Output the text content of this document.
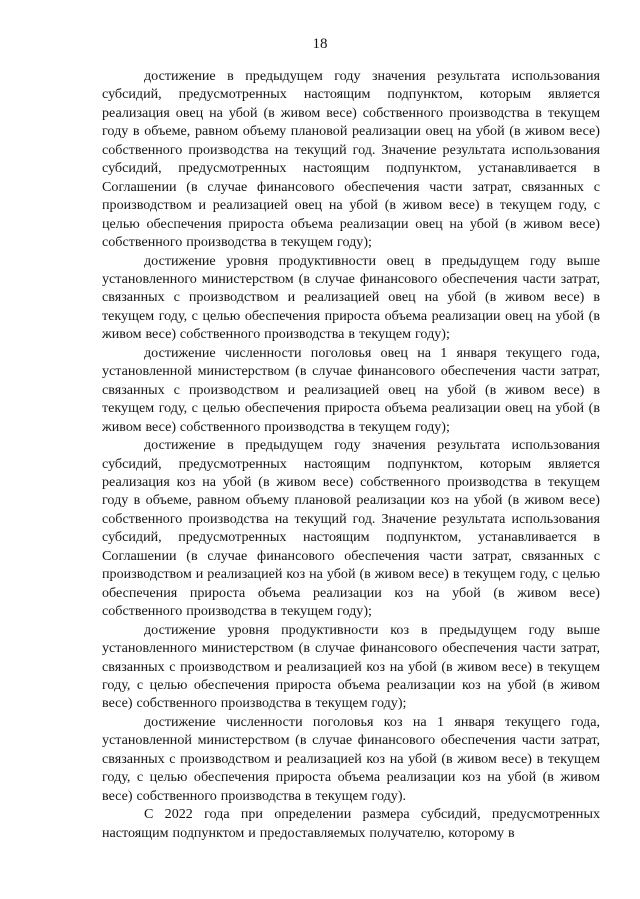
18

достижение в предыдущем году значения результата использования субсидий, предусмотренных настоящим подпунктом, которым является реализация овец на убой (в живом весе) собственного производства в текущем году в объеме, равном объему плановой реализации овец на убой (в живом весе) собственного производства на текущий год. Значение результата использования субсидий, предусмотренных настоящим подпунктом, устанавливается в Соглашении (в случае финансового обеспечения части затрат, связанных с производством и реализацией овец на убой (в живом весе) в текущем году, с целью обеспечения прироста объема реализации овец на убой (в живом весе) собственного производства в текущем году);

достижение уровня продуктивности овец в предыдущем году выше установленного министерством (в случае финансового обеспечения части затрат, связанных с производством и реализацией овец на убой (в живом весе) в текущем году, с целью обеспечения прироста объема реализации овец на убой (в живом весе) собственного производства в текущем году);

достижение численности поголовья овец на 1 января текущего года, установленной министерством (в случае финансового обеспечения части затрат, связанных с производством и реализацией овец на убой (в живом весе) в текущем году, с целью обеспечения прироста объема реализации овец на убой (в живом весе) собственного производства в текущем году);

достижение в предыдущем году значения результата использования субсидий, предусмотренных настоящим подпунктом, которым является реализация коз на убой (в живом весе) собственного производства в текущем году в объеме, равном объему плановой реализации коз на убой (в живом весе) собственного производства на текущий год. Значение результата использования субсидий, предусмотренных настоящим подпунктом, устанавливается в Соглашении (в случае финансового обеспечения части затрат, связанных с производством и реализацией коз на убой (в живом весе) в текущем году, с целью обеспечения прироста объема реализации коз на убой (в живом весе) собственного производства в текущем году);

достижение уровня продуктивности коз в предыдущем году выше установленного министерством (в случае финансового обеспечения части затрат, связанных с производством и реализацией коз на убой (в живом весе) в текущем году, с целью обеспечения прироста объема реализации коз на убой (в живом весе) собственного производства в текущем году);

достижение численности поголовья коз на 1 января текущего года, установленной министерством (в случае финансового обеспечения части затрат, связанных с производством и реализацией коз на убой (в живом весе) в текущем году, с целью обеспечения прироста объема реализации коз на убой (в живом весе) собственного производства в текущем году).

С 2022 года при определении размера субсидий, предусмотренных настоящим подпунктом и предоставляемых получателю, которому в
